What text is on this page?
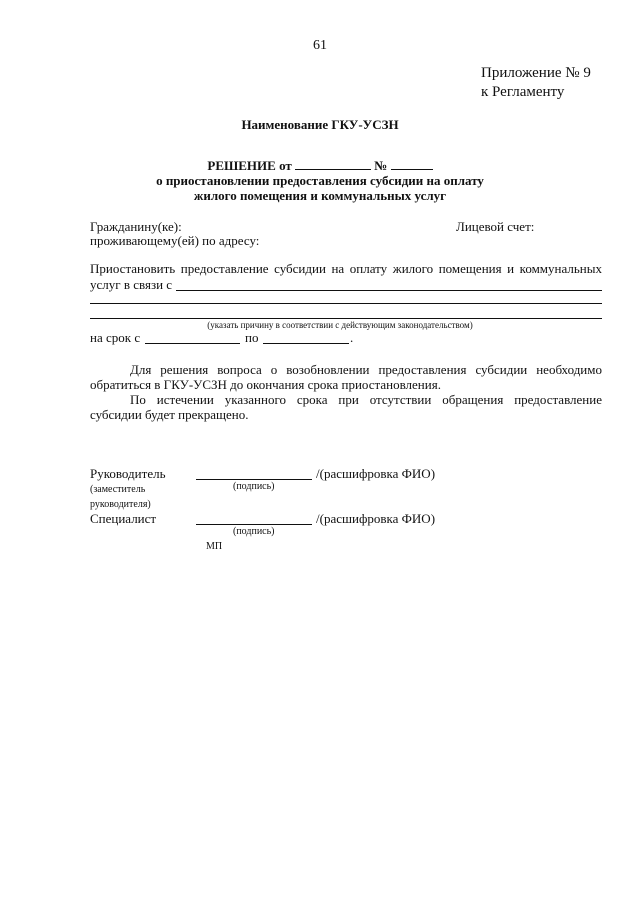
61
Приложение № 9
к Регламенту
Наименование ГКУ-УСЗН
РЕШЕНИЕ от	№
о приостановлении предоставления субсидии на оплату
жилого помещения и коммунальных услуг
Гражданину(ке):	Лицевой счет:
проживающему(ей) по адресу:
Приостановить предоставление субсидии на оплату жилого помещения и коммунальных
услуг в связи с
(указать причину в соответствии с действующим законодательством)
на срок с	по	.
Для решения вопроса о возобновлении предоставления субсидии необходимо обратиться в ГКУ-УСЗН до окончания срока приостановления.
По истечении указанного срока при отсутствии обращения предоставление субсидии будет прекращено.
Руководитель	/(расшифровка ФИО)
(подпись)
(заместитель
руководителя)
Специалист	/(расшифровка ФИО)
(подпись)
МП
